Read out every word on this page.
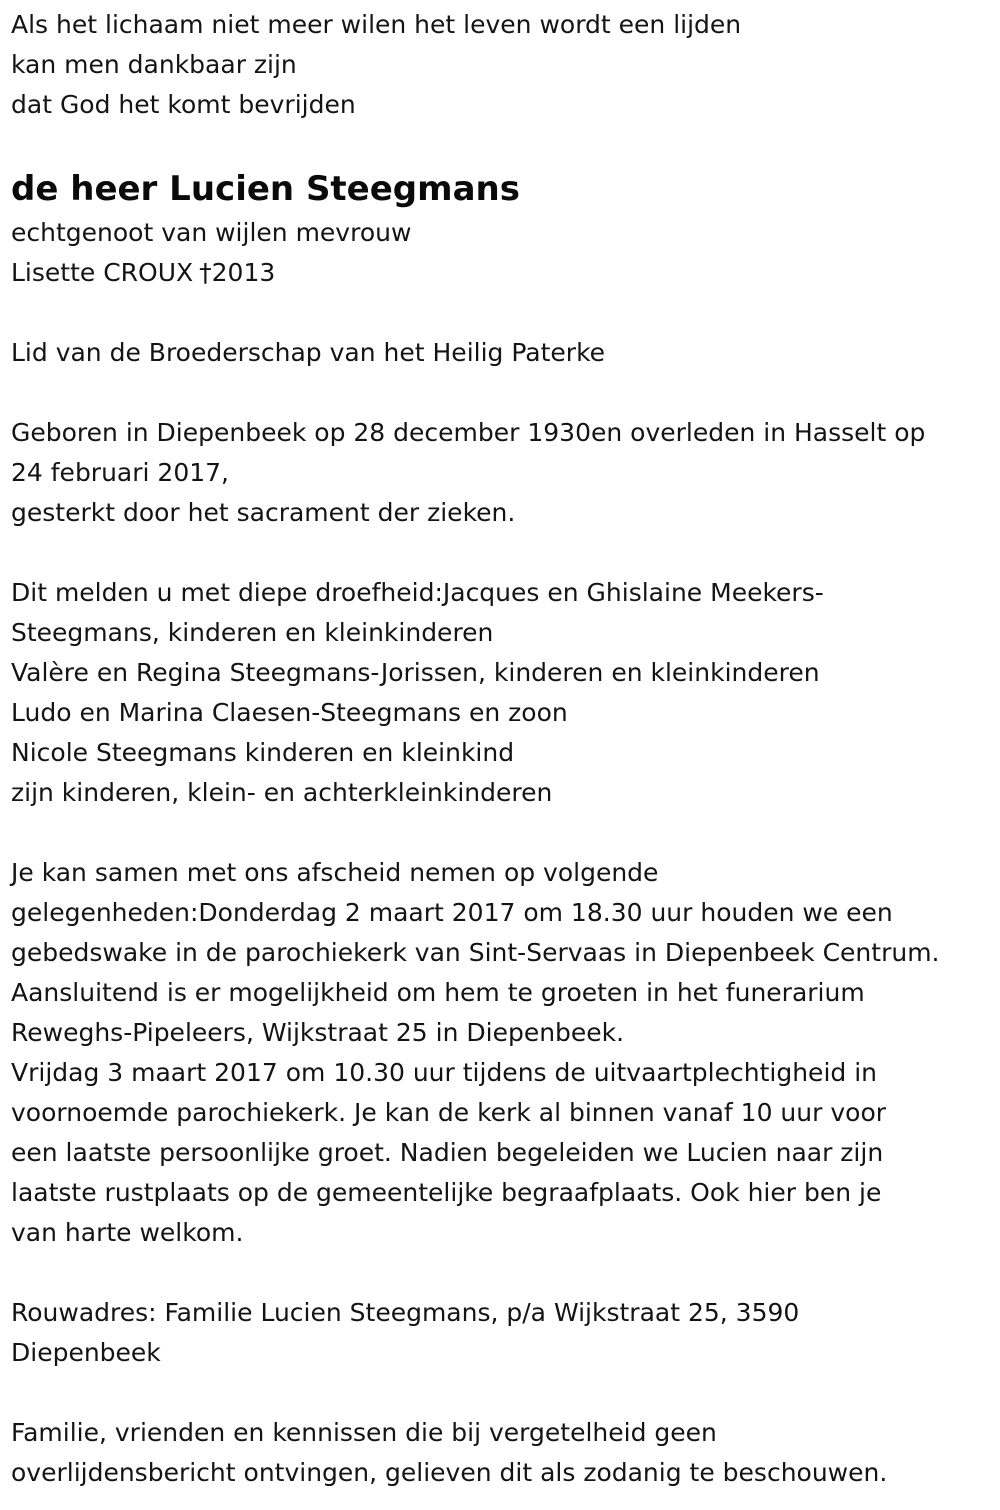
Als het lichaam niet meer wilen het leven wordt een lijden
kan men dankbaar zijn
dat God het komt bevrijden
de heer Lucien Steegmans
echtgenoot van wijlen mevrouw
Lisette CROUX †2013
Lid van de Broederschap van het Heilig Paterke
Geboren in Diepenbeek op 28 december 1930en overleden in Hasselt op
24 februari 2017,
gesterkt door het sacrament der zieken.
Dit melden u met diepe droefheid:Jacques en Ghislaine Meekers-
Steegmans, kinderen en kleinkinderen
Valère en Regina Steegmans-Jorissen, kinderen en kleinkinderen
Ludo en Marina Claesen-Steegmans en zoon
Nicole Steegmans kinderen en kleinkind
zijn kinderen, klein- en achterkleinkinderen
Je kan samen met ons afscheid nemen op volgende
gelegenheden:Donderdag 2 maart 2017 om 18.30 uur houden we een
gebedswake in de parochiekerk van Sint-Servaas in Diepenbeek Centrum.
Aansluitend is er mogelijkheid om hem te groeten in het funerarium
Reweghs-Pipeleers, Wijkstraat 25 in Diepenbeek.
Vrijdag 3 maart 2017 om 10.30 uur tijdens de uitvaartplechtigheid in
voornoemde parochiekerk. Je kan de kerk al binnen vanaf 10 uur voor
een laatste persoonlijke groet. Nadien begeleiden we Lucien naar zijn
laatste rustplaats op de gemeentelijke begraafplaats. Ook hier ben je
van harte welkom.
Rouwadres: Familie Lucien Steegmans, p/a Wijkstraat 25, 3590
Diepenbeek
Familie, vrienden en kennissen die bij vergetelheid geen
overlijdensbericht ontvingen, gelieven dit als zodanig te beschouwen.
